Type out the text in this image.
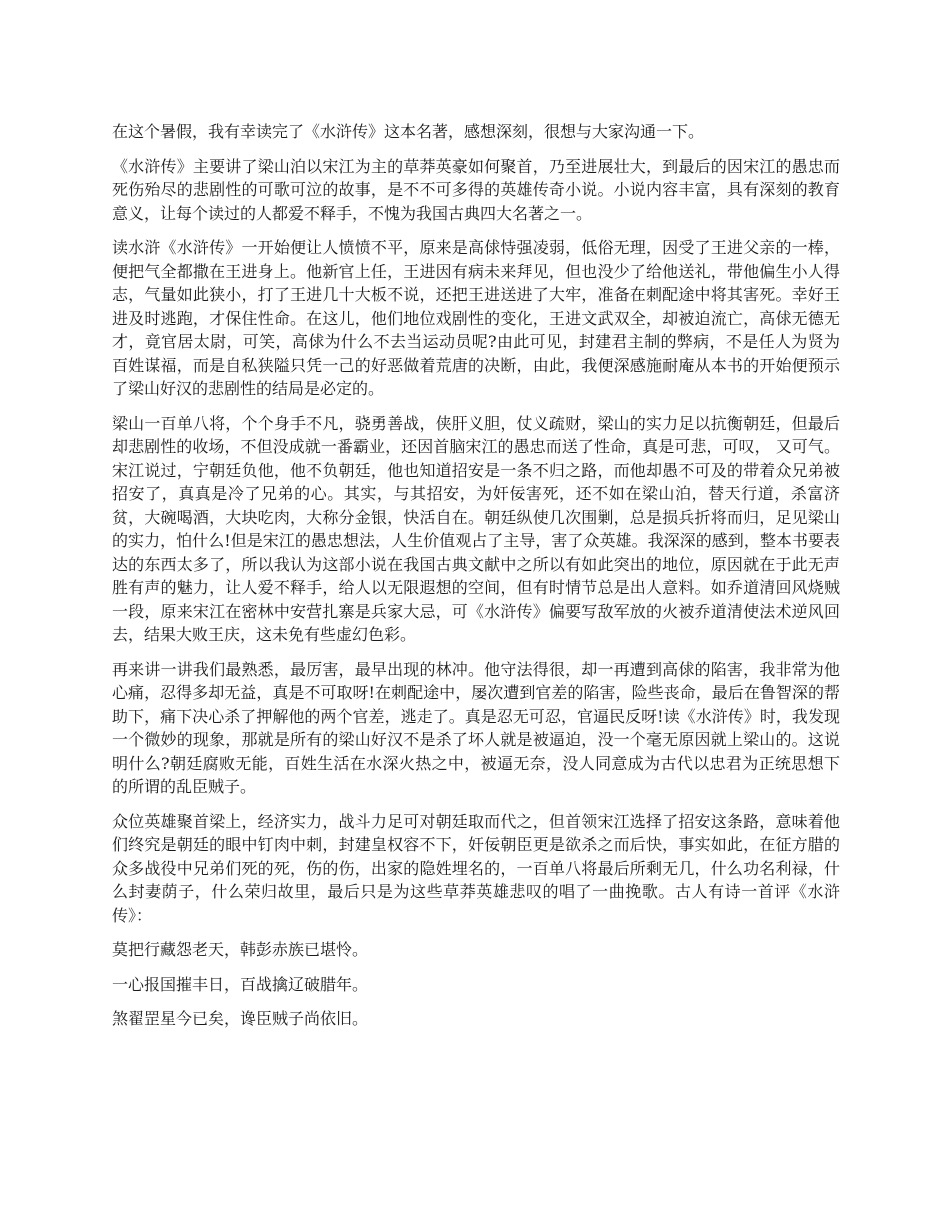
在这个暑假，我有幸读完了《水浒传》这本名著，感想深刻，很想与大家沟通一下。

《水浒传》主要讲了梁山泊以宋江为主的草莽英豪如何聚首，乃至进展壮大，到最后的因宋江的愚忠而死伤殆尽的悲剧性的可歌可泣的故事，是不不可多得的英雄传奇小说。小说内容丰富，具有深刻的教育意义，让每个读过的人都爱不释手，不愧为我国古典四大名著之一。

读水浒《水浒传》一开始便让人愤愤不平，原来是高俅恃强凌弱，低俗无理，因受了王进父亲的一棒，便把气全都撒在王进身上。他新官上任，王进因有病未来拜见，但也没少了给他送礼，带他偏生小人得志，气量如此狭小，打了王进几十大板不说，还把王进送进了大牢，准备在刺配途中将其害死。幸好王进及时逃跑，才保住性命。在这儿，他们地位戏剧性的变化，王进文武双全，却被迫流亡，高俅无德无才，竟官居太尉，可笑，高俅为什么不去当运动员呢?由此可见，封建君主制的弊病，不是任人为贤为百姓谋福，而是自私狭隘只凭一己的好恶做着荒唐的决断，由此，我便深感施耐庵从本书的开始便预示了梁山好汉的悲剧性的结局是必定的。

梁山一百单八将，个个身手不凡，骁勇善战，侠肝义胆，仗义疏财，梁山的实力足以抗衡朝廷，但最后却悲剧性的收场，不但没成就一番霸业，还因首脑宋江的愚忠而送了性命，真是可悲，可叹， 又可气。宋江说过，宁朝廷负他，他不负朝廷，他也知道招安是一条不归之路，而他却愚不可及的带着众兄弟被招安了，真真是冷了兄弟的心。其实，与其招安，为奸佞害死，还不如在梁山泊，替天行道，杀富济贫，大碗喝酒，大块吃肉，大称分金银，快活自在。朝廷纵使几次围剿，总是损兵折将而归，足见梁山的实力，怕什么!但是宋江的愚忠想法，人生价值观占了主导，害了众英雄。我深深的感到，整本书要表达的东西太多了，所以我认为这部小说在我国古典文献中之所以有如此突出的地位，原因就在于此无声胜有声的魅力，让人爱不释手，给人以无限遐想的空间，但有时情节总是出人意料。如乔道清回风烧贼一段，原来宋江在密林中安营扎寨是兵家大忌，可《水浒传》偏要写敌军放的火被乔道清使法术逆风回去，结果大败王庆，这未免有些虚幻色彩。

再来讲一讲我们最熟悉，最厉害，最早出现的林冲。他守法得很，却一再遭到高俅的陷害，我非常为他心痛，忍得多却无益，真是不可取呀!在刺配途中，屡次遭到官差的陷害，险些丧命，最后在鲁智深的帮助下，痛下决心杀了押解他的两个官差，逃走了。真是忍无可忍，官逼民反呀!读《水浒传》时，我发现一个微妙的现象，那就是所有的梁山好汉不是杀了坏人就是被逼迫，没一个毫无原因就上梁山的。这说明什么?朝廷腐败无能，百姓生活在水深火热之中，被逼无奈，没人同意成为古代以忠君为正统思想下的所谓的乱臣贼子。

众位英雄聚首梁上，经济实力，战斗力足可对朝廷取而代之，但首领宋江选择了招安这条路，意味着他们终究是朝廷的眼中钉肉中刺，封建皇权容不下，奸佞朝臣更是欲杀之而后快，事实如此，在征方腊的众多战役中兄弟们死的死，伤的伤，出家的隐姓埋名的，一百单八将最后所剩无几，什么功名利禄，什么封妻荫子，什么荣归故里，最后只是为这些草莽英雄悲叹的唱了一曲挽歌。古人有诗一首评《水浒传》：

莫把行藏怨老天，韩彭赤族已堪怜。

一心报国摧丰日，百战擒辽破腊年。

煞翟罡星今已矣，谗臣贼子尚依旧。
